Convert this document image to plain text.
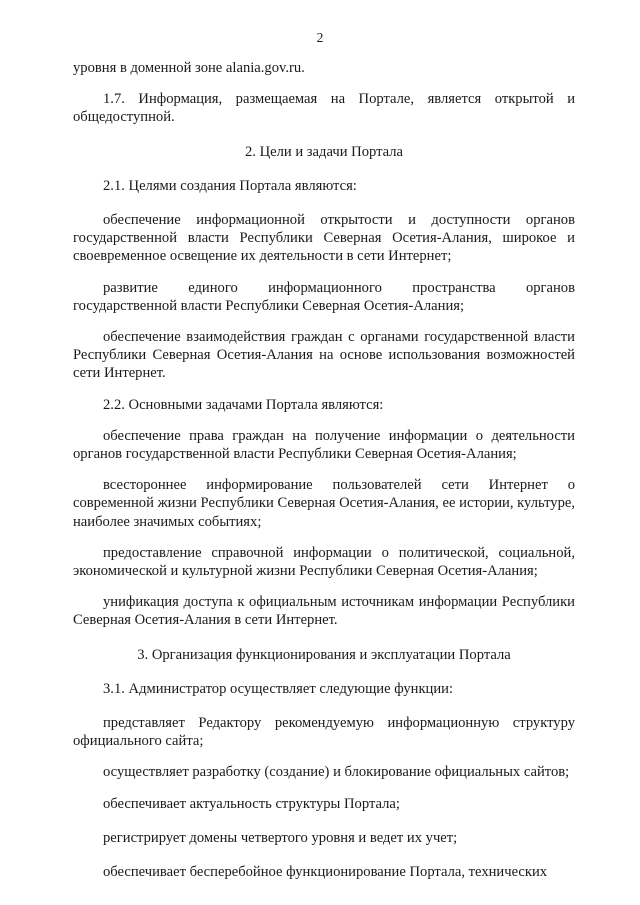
2

уровня в доменной зоне alania.gov.ru.

1.7. Информация, размещаемая на Портале, является открытой и общедоступной.

2. Цели и задачи Портала

2.1. Целями создания Портала являются:

обеспечение информационной открытости и доступности органов государственной власти Республики Северная Осетия-Алания, широкое и своевременное освещение их деятельности в сети Интернет;

развитие единого информационного пространства органов государственной власти Республики Северная Осетия-Алания;

обеспечение взаимодействия граждан с органами государственной власти Республики Северная Осетия-Алания на основе использования возможностей сети Интернет.

2.2. Основными задачами Портала являются:

обеспечение права граждан на получение информации о деятельности органов государственной власти Республики Северная Осетия-Алания;

всестороннее информирование пользователей сети Интернет о современной жизни Республики Северная Осетия-Алания, ее истории, культуре, наиболее значимых событиях;

предоставление справочной информации о политической, социальной, экономической и культурной жизни Республики Северная Осетия-Алания;

унификация доступа к официальным источникам информации Республики Северная Осетия-Алания в сети Интернет.

3. Организация функционирования и эксплуатации Портала

3.1. Администратор осуществляет следующие функции:

представляет Редактору рекомендуемую информационную структуру официального сайта;

осуществляет разработку (создание) и блокирование официальных сайтов;

обеспечивает актуальность структуры Портала;

регистрирует домены четвертого уровня и ведет их учет;

обеспечивает бесперебойное функционирование Портала, технических
